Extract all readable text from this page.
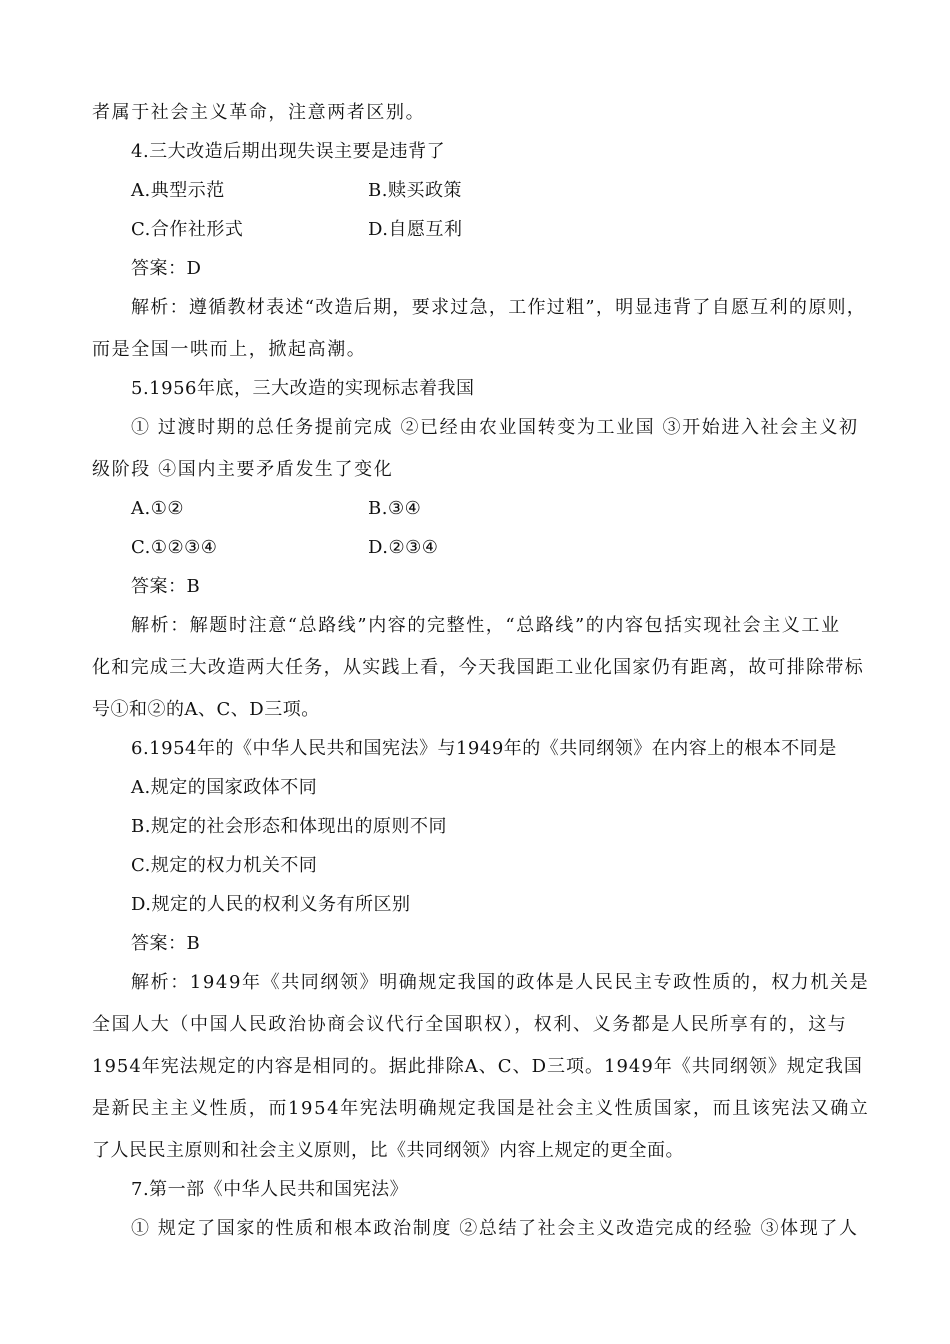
者属于社会主义革命，注意两者区别。
4.三大改造后期出现失误主要是违背了
A.典型示范	B.赎买政策
C.合作社形式	D.自愿互利
答案：D
解析：遵循教材表述“改造后期，要求过急，工作过粗”，明显违背了自愿互利的原则，
而是全国一哄而上，掀起高潮。
5.1956年底，三大改造的实现标志着我国
① 过渡时期的总任务提前完成 ②已经由农业国转变为工业国 ③开始进入社会主义初
级阶段 ④国内主要矛盾发生了变化
A.①②	B.③④
C.①②③④	D.②③④
答案：B
解析：解题时注意“总路线”内容的完整性，“总路线”的内容包括实现社会主义工业
化和完成三大改造两大任务，从实践上看，今天我国距工业化国家仍有距离，故可排除带标
号①和②的A、C、D三项。
6.1954年的《中华人民共和国宪法》与1949年的《共同纲领》在内容上的根本不同是
A.规定的国家政体不同
B.规定的社会形态和体现出的原则不同
C.规定的权力机关不同
D.规定的人民的权利义务有所区别
答案：B
解析：1949年《共同纲领》明确规定我国的政体是人民民主专政性质的，权力机关是
全国人大（中国人民政治协商会议代行全国职权），权利、义务都是人民所享有的，这与
1954年宪法规定的内容是相同的。据此排除A、C、D三项。1949年《共同纲领》规定我国
是新民主主义性质，而1954年宪法明确规定我国是社会主义性质国家，而且该宪法又确立
了人民民主原则和社会主义原则，比《共同纲领》内容上规定的更全面。
7.第一部《中华人民共和国宪法》
① 规定了国家的性质和根本政治制度 ②总结了社会主义改造完成的经验 ③体现了人
